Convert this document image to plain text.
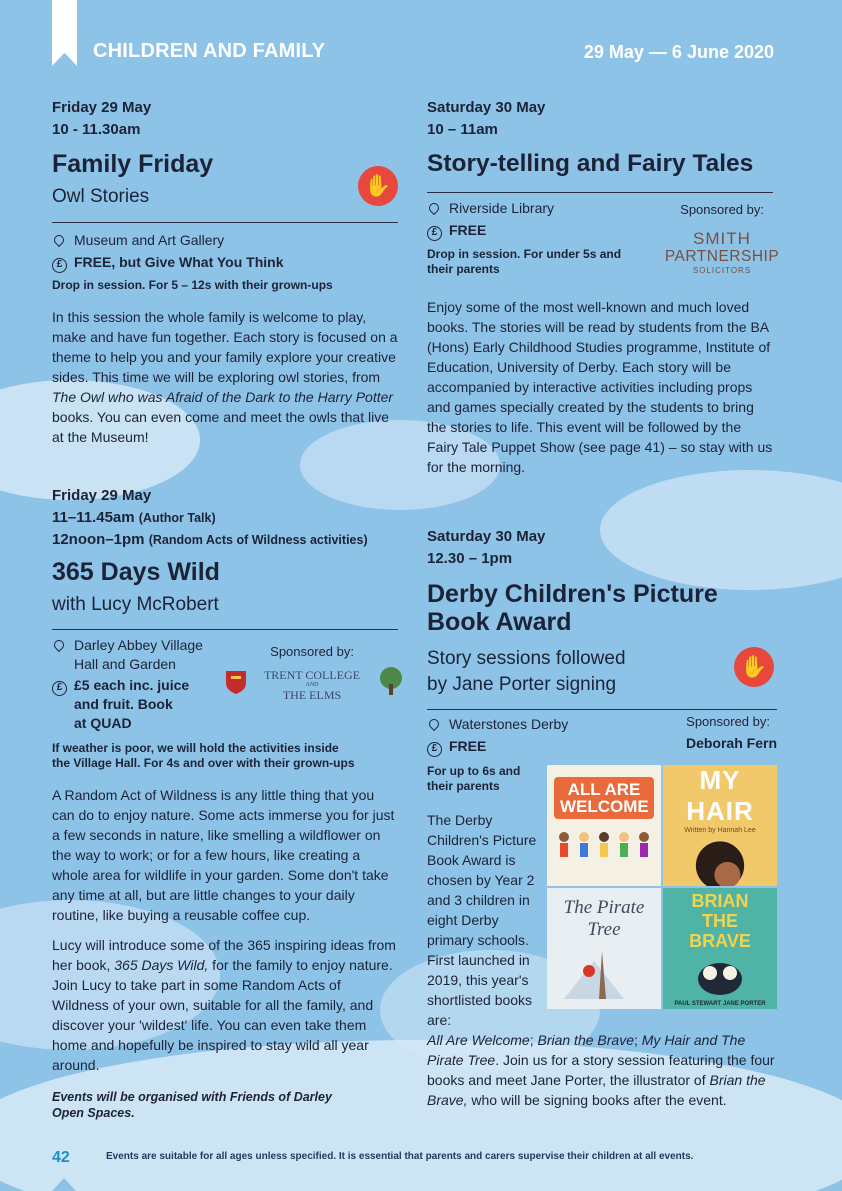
CHILDREN AND FAMILY	29 May — 6 June 2020
Friday 29 May
10 - 11.30am
Family Friday
Owl Stories
Museum and Art Gallery
£ FREE, but Give What You Think
Drop in session. For 5 – 12s with their grown-ups

In this session the whole family is welcome to play, make and have fun together. Each story is focused on a theme to help you and your family explore your creative sides. This time we will be exploring owl stories, from The Owl who was Afraid of the Dark to the Harry Potter books. You can even come and meet the owls that live at the Museum!

✋
Friday 29 May
11–11.45am (Author Talk)
12noon–1pm (Random Acts of Wildness activities)
365 Days Wild
with Lucy McRobert
Darley Abbey Village
Hall and Garden
£ £5 each inc. juice
and fruit. Book
at QUAD
If weather is poor, we will hold the activities inside
the Village Hall. For 4s and over with their grown-ups

A Random Act of Wildness is any little thing that you can do to enjoy nature. Some acts immerse you for just a few seconds in nature, like smelling a wildflower on the way to work; or for a few hours, like creating a whole area for wildlife in your garden. Some don't take any time at all, but are little changes to your daily routine, like buying a reusable coffee cup.

Lucy will introduce some of the 365 inspiring ideas from her book, 365 Days Wild, for the family to enjoy nature. Join Lucy to take part in some Random Acts of Wildness of your own, suitable for all the family, and discover your 'wildest' life. You can even take them home and hopefully be inspired to stay wild all year around.

Events will be organised with Friends of Darley
Open Spaces.
Sponsored by:
TRENT COLLEGE
AND
THE ELMS
Saturday 30 May
10 – 11am
Story-telling and Fairy Tales
Riverside Library
£ FREE
Drop in session. For under 5s and
their parents

Enjoy some of the most well-known and much loved books. The stories will be read by students from the BA (Hons) Early Childhood Studies programme, Institute of Education, University of Derby. Each story will be accompanied by interactive activities including props and games specially created by the students to bring the stories to life. This event will be followed by the Fairy Tale Puppet Show (see page 41) – so stay with us for the morning.

Sponsored by:
SMITH
PARTNERSHIP
SOLICITORS
Saturday 30 May
12.30 – 1pm
Derby Children's Picture
Book Award
Story sessions followed
by Jane Porter signing
Waterstones Derby
£ FREE
For up to 6s and
their parents

The Derby Children's Picture Book Award is chosen by Year 2 and 3 children in eight Derby primary schools. First launched in 2019, this year's shortlisted books are:

All Are Welcome; Brian the Brave; My Hair and The Pirate Tree. Join us for a story session featuring the four books and meet Jane Porter, the illustrator of Brian the Brave, who will be signing books after the event.

✋
Sponsored by:
Deborah Fern
ALL ARE WELCOME
MY HAIR
Written by Hannah Lee
The Pirate Tree
BRIAN THE BRAVE
PAUL STEWART JANE PORTER
42	Events are suitable for all ages unless specified. It is essential that parents and carers supervise their children at all events.
